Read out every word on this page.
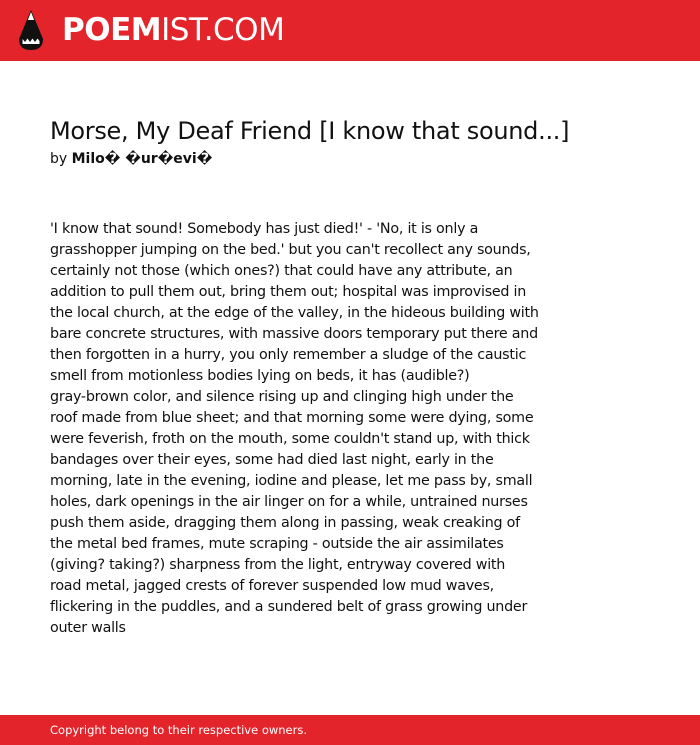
POEMIST.COM
Morse, My Deaf Friend [I know that sound...]
by Milo� �ur�evi�
'I know that sound! Somebody has just died!' - 'No, it is only a
grasshopper jumping on the bed.' but you can't recollect any sounds,
certainly not those (which ones?) that could have any attribute, an
addition to pull them out, bring them out; hospital was improvised in
the local church, at the edge of the valley, in the hideous building with
bare concrete structures, with massive doors temporary put there and
then forgotten in a hurry, you only remember a sludge of the caustic
smell from motionless bodies lying on beds, it has (audible?)
gray-brown color, and silence rising up and clinging high under the
roof made from blue sheet; and that morning some were dying, some
were feverish, froth on the mouth, some couldn't stand up, with thick
bandages over their eyes, some had died last night, early in the
morning, late in the evening, iodine and please, let me pass by, small
holes, dark openings in the air linger on for a while, untrained nurses
push them aside, dragging them along in passing, weak creaking of
the metal bed frames, mute scraping - outside the air assimilates
(giving? taking?) sharpness from the light, entryway covered with
road metal, jagged crests of forever suspended low mud waves,
flickering in the puddles, and a sundered belt of grass growing under
outer walls
Copyright belong to their respective owners.
